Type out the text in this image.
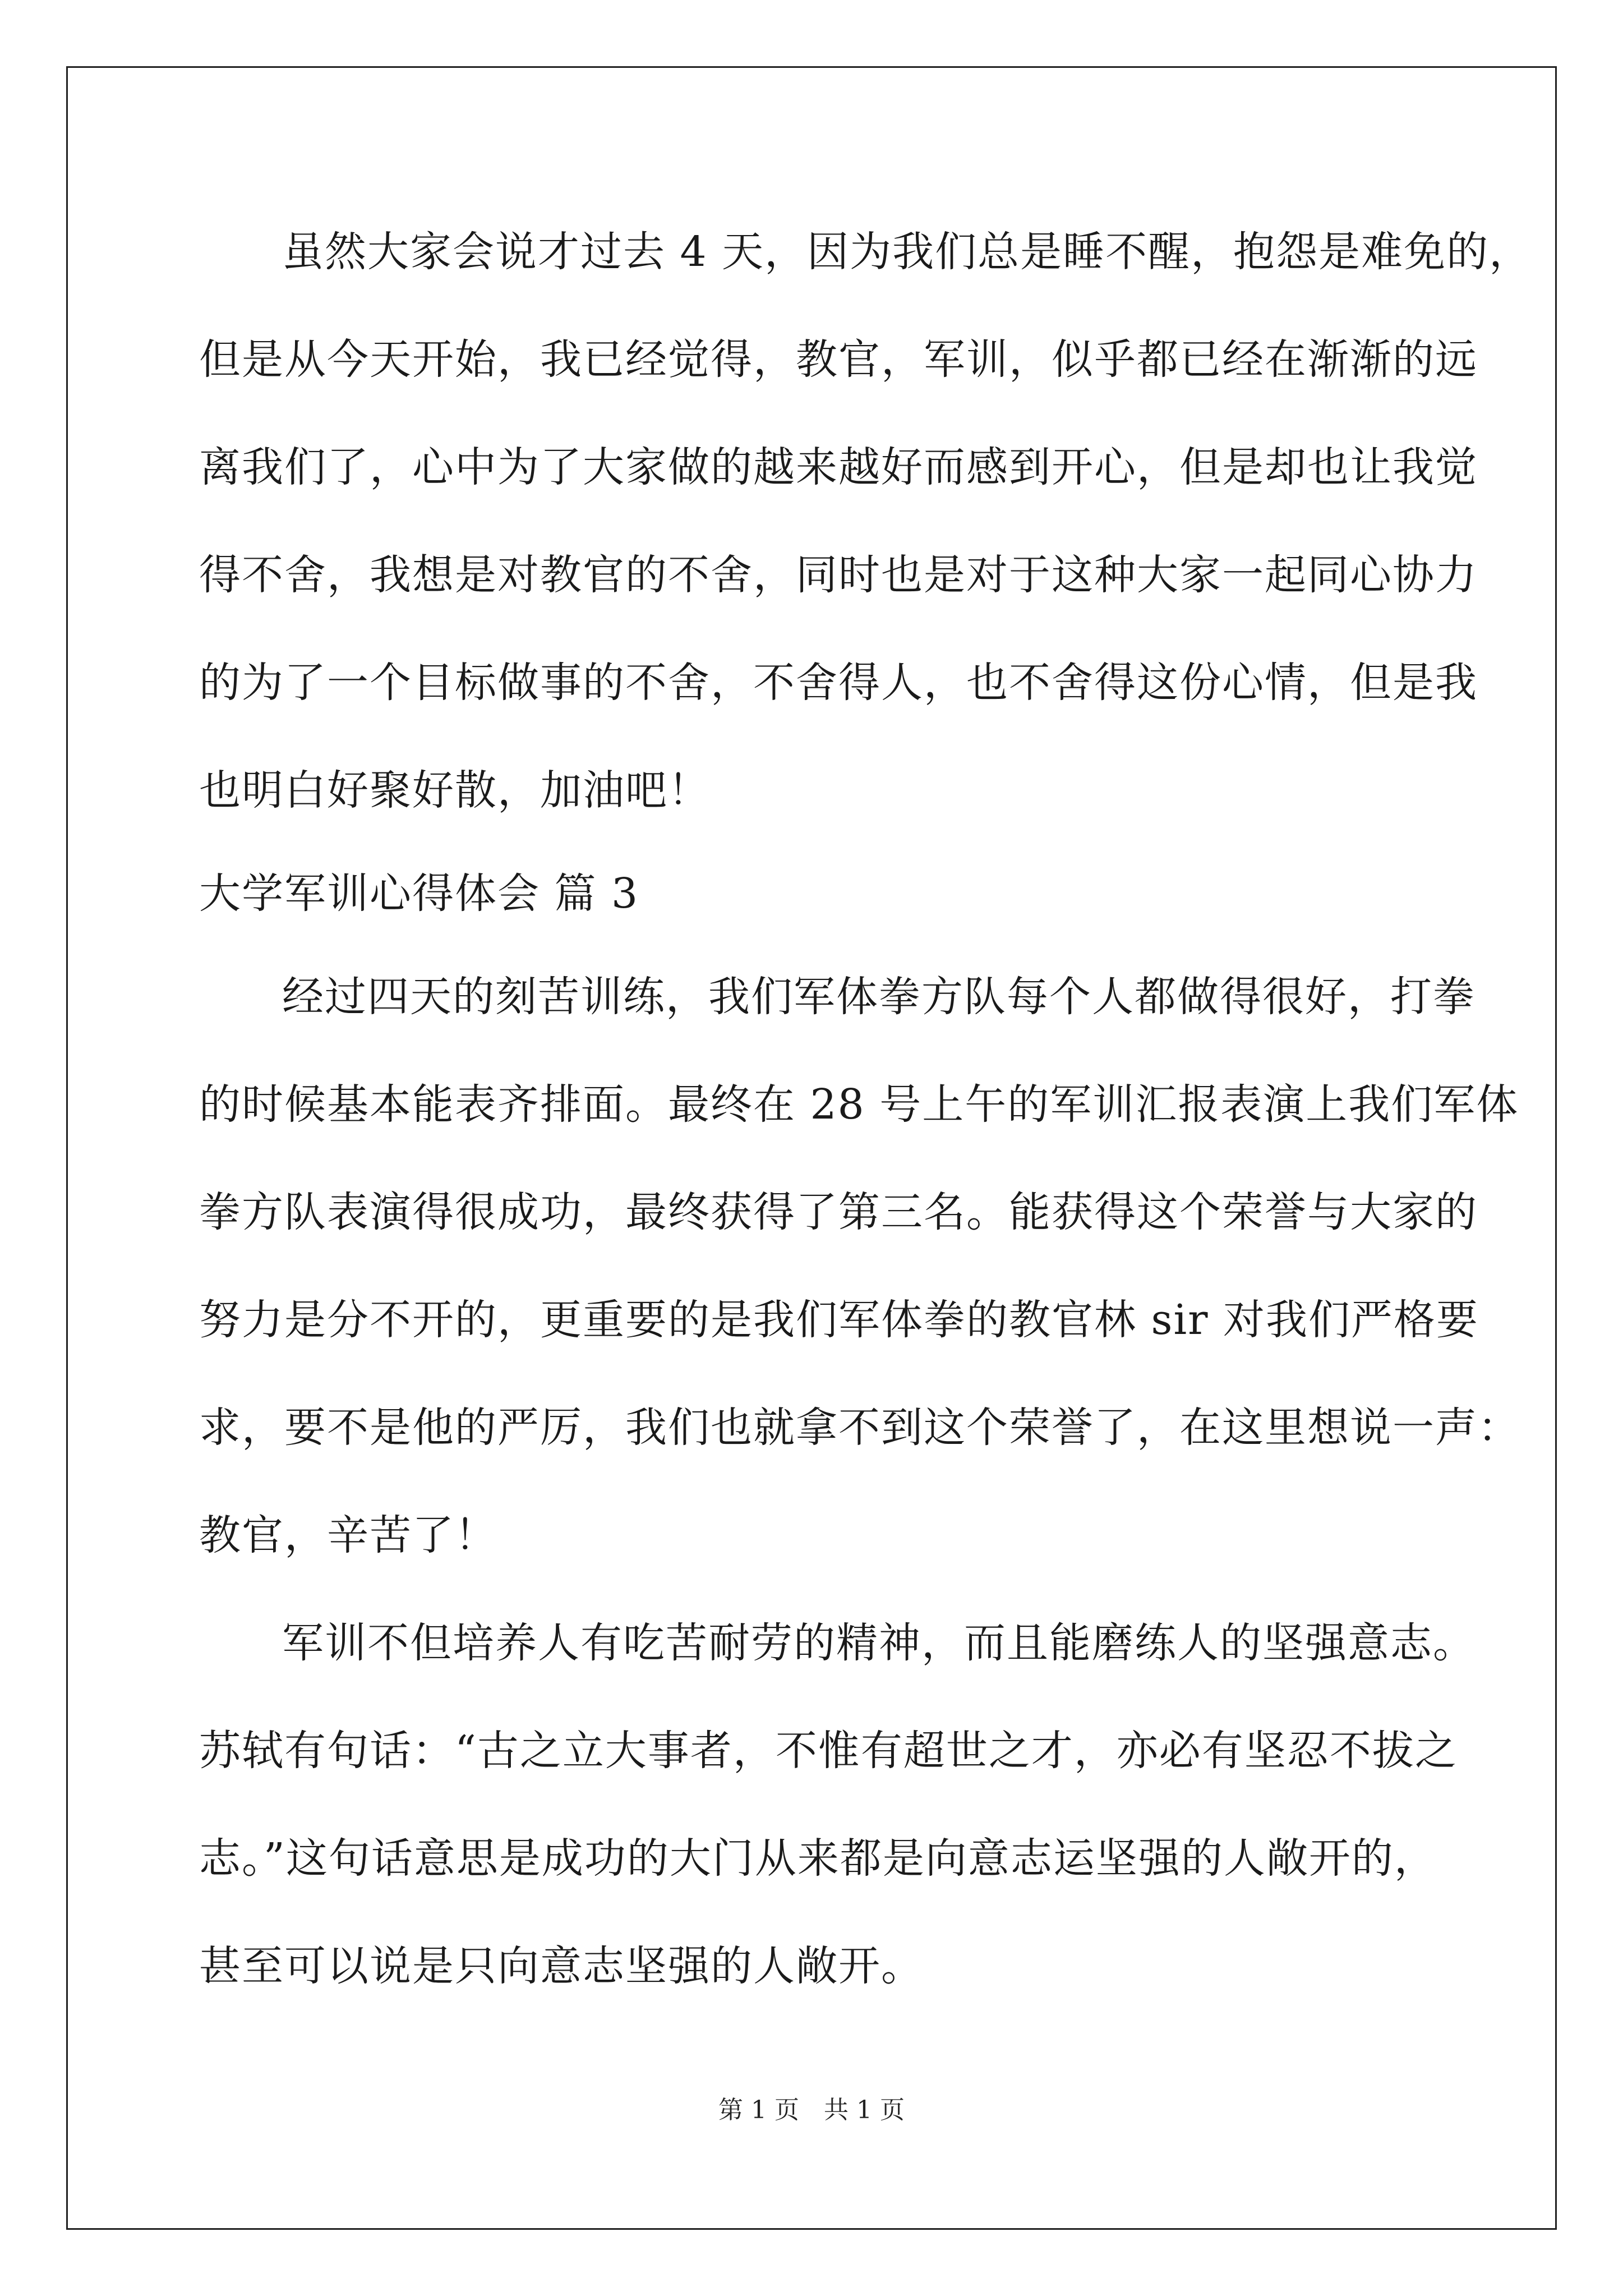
虽然大家会说才过去 4 天，因为我们总是睡不醒，抱怨是难免的，
但是从今天开始，我已经觉得，教官，军训，似乎都已经在渐渐的远
离我们了，心中为了大家做的越来越好而感到开心，但是却也让我觉
得不舍，我想是对教官的不舍，同时也是对于这种大家一起同心协力
的为了一个目标做事的不舍，不舍得人，也不舍得这份心情，但是我
也明白好聚好散，加油吧！
大学军训心得体会 篇 3
经过四天的刻苦训练，我们军体拳方队每个人都做得很好，打拳
的时候基本能表齐排面。最终在 28 号上午的军训汇报表演上我们军体
拳方队表演得很成功，最终获得了第三名。能获得这个荣誉与大家的
努力是分不开的，更重要的是我们军体拳的教官林 sir 对我们严格要
求，要不是他的严厉，我们也就拿不到这个荣誉了，在这里想说一声：
教官，辛苦了！
军训不但培养人有吃苦耐劳的精神，而且能磨练人的坚强意志。
苏轼有句话：“古之立大事者，不惟有超世之才，亦必有坚忍不拔之
志。”这句话意思是成功的大门从来都是向意志运坚强的人敞开的，
甚至可以说是只向意志坚强的人敞开。
第 1 页　共 1 页
